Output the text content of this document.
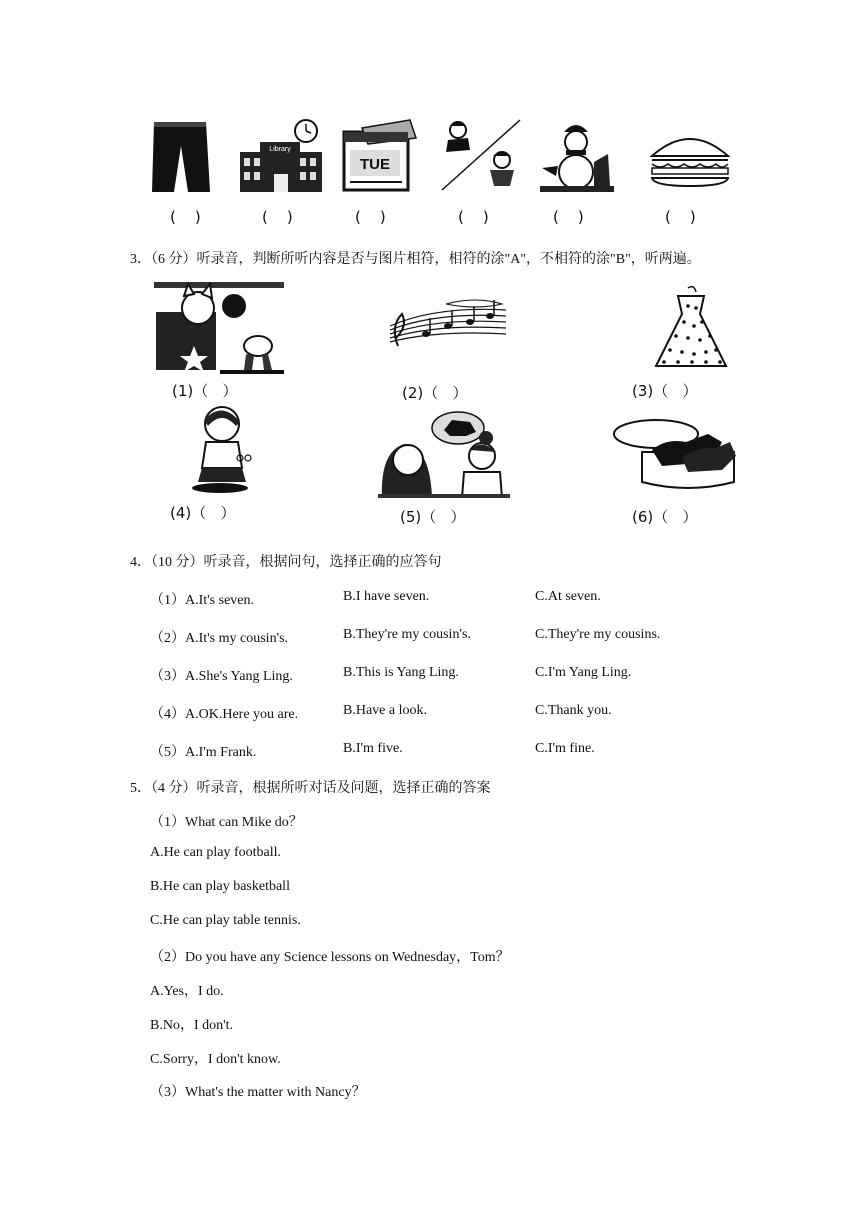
Library
TUE
(    )	(    )	(    )	(    )	(    )	(    )
3．（6 分）听录音，判断所听内容是否与图片相符，相符的涂"A"，不相符的涂"B"，听两遍。
(1)（   ）	(2)（   ）	(3)（   ）
(4)（   ）	(5)（   ）	(6)（   ）
4．（10 分）听录音，根据问句，选择正确的应答句
（1）A.It's seven.	B.I have seven.	C.At seven.
（2）A.It's my cousin's.	B.They're my cousin's.	C.They're my cousins.
（3）A.She's Yang Ling.	B.This is Yang Ling.	C.I'm Yang Ling.
（4）A.OK.Here you are.	B.Have a look.	C.Thank you.
（5）A.I'm Frank.	B.I'm five.	C.I'm fine.
5．（4 分）听录音，根据所听对话及问题，选择正确的答案
（1）What can Mike do？
A.He can play football.
B.He can play basketball
C.He can play table tennis.
（2）Do you have any Science lessons on Wednesday，Tom？
A.Yes，I do.
B.No，I don't.
C.Sorry，I don't know.
（3）What's the matter with Nancy？
